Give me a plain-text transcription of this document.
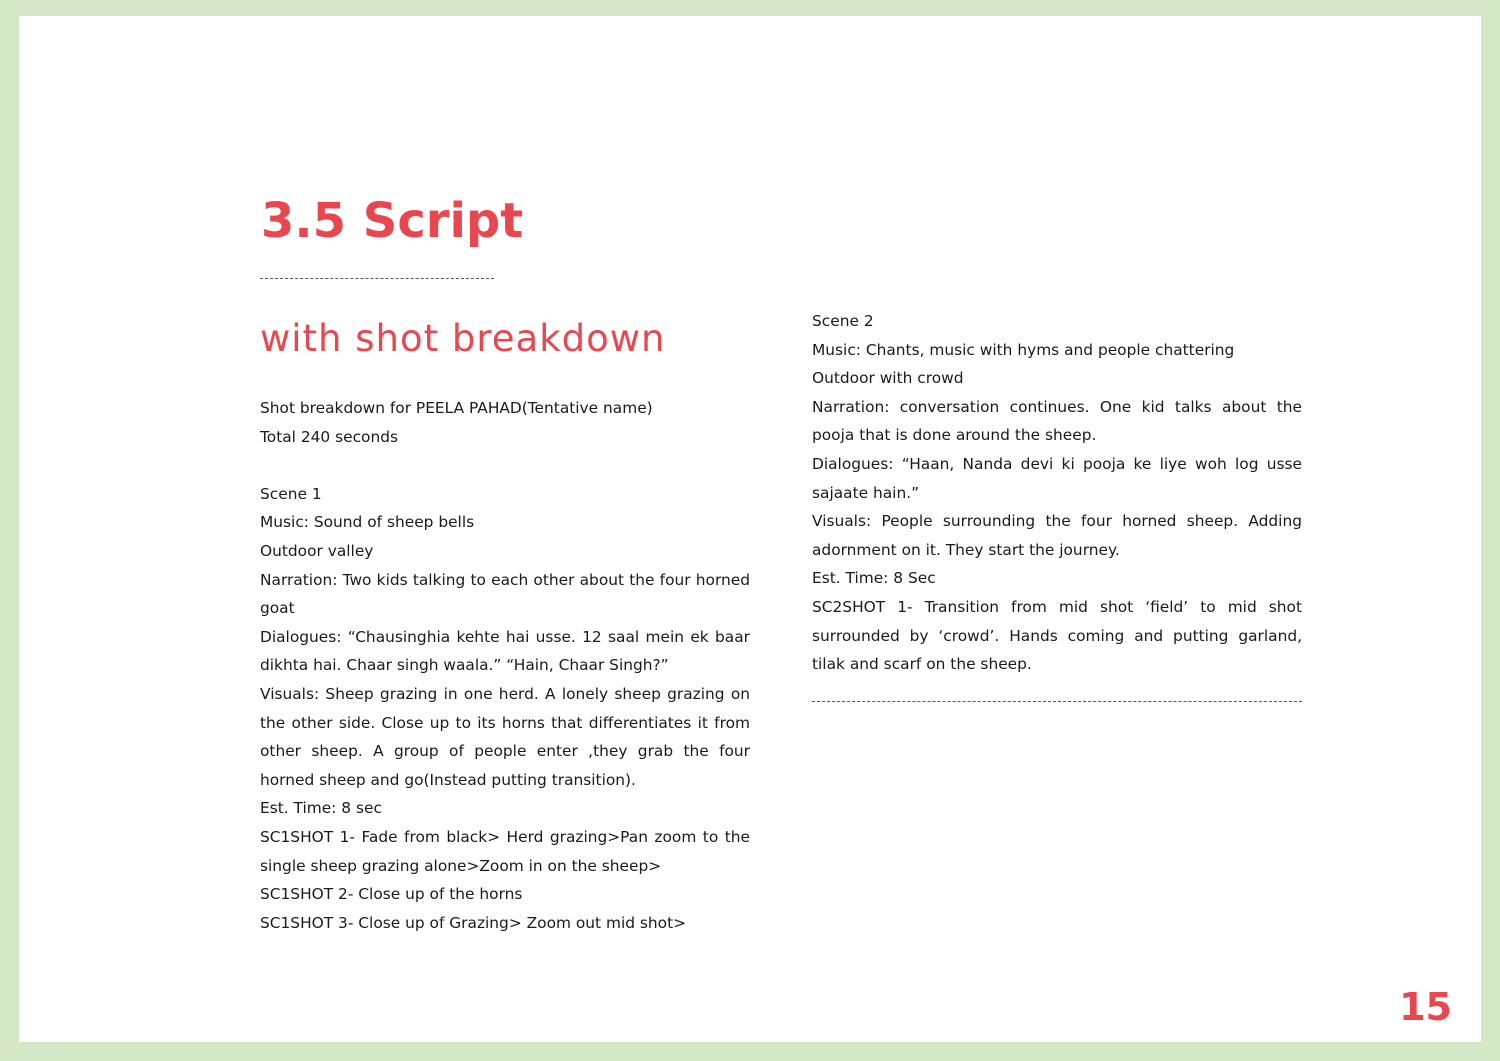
3.5 Script
with shot breakdown

Shot breakdown for PEELA PAHAD(Tentative name)

Total 240 seconds

Scene 1

Music: Sound of sheep bells

Outdoor valley

Narration: Two kids talking to each other about the four horned goat

Dialogues: “Chausinghia kehte hai usse. 12 saal mein ek baar dikhta hai. Chaar singh waala.” “Hain, Chaar Singh?”

Visuals: Sheep grazing in one herd. A lonely sheep grazing on the other side. Close up to its horns that differentiates it from other sheep. A group of people enter ,they grab the four horned sheep and go(Instead putting transition).

Est. Time: 8 sec

SC1SHOT 1- Fade from black> Herd grazing>Pan zoom to the single sheep grazing alone>Zoom in on the sheep>

SC1SHOT 2- Close up of the horns

SC1SHOT 3- Close up of Grazing> Zoom out mid shot>

Scene 2

Music: Chants, music with hyms and people chattering

Outdoor with crowd

Narration: conversation continues. One kid talks about the pooja that is done around the sheep.

Dialogues: “Haan, Nanda devi ki pooja ke liye woh log usse sajaate hain.”

Visuals: People surrounding the four horned sheep. Adding adornment on it. They start the journey.

Est. Time: 8 Sec

SC2SHOT 1- Transition from mid shot ‘field’ to mid shot surrounded by ‘crowd’. Hands coming and putting garland, tilak and scarf on the sheep.

15
